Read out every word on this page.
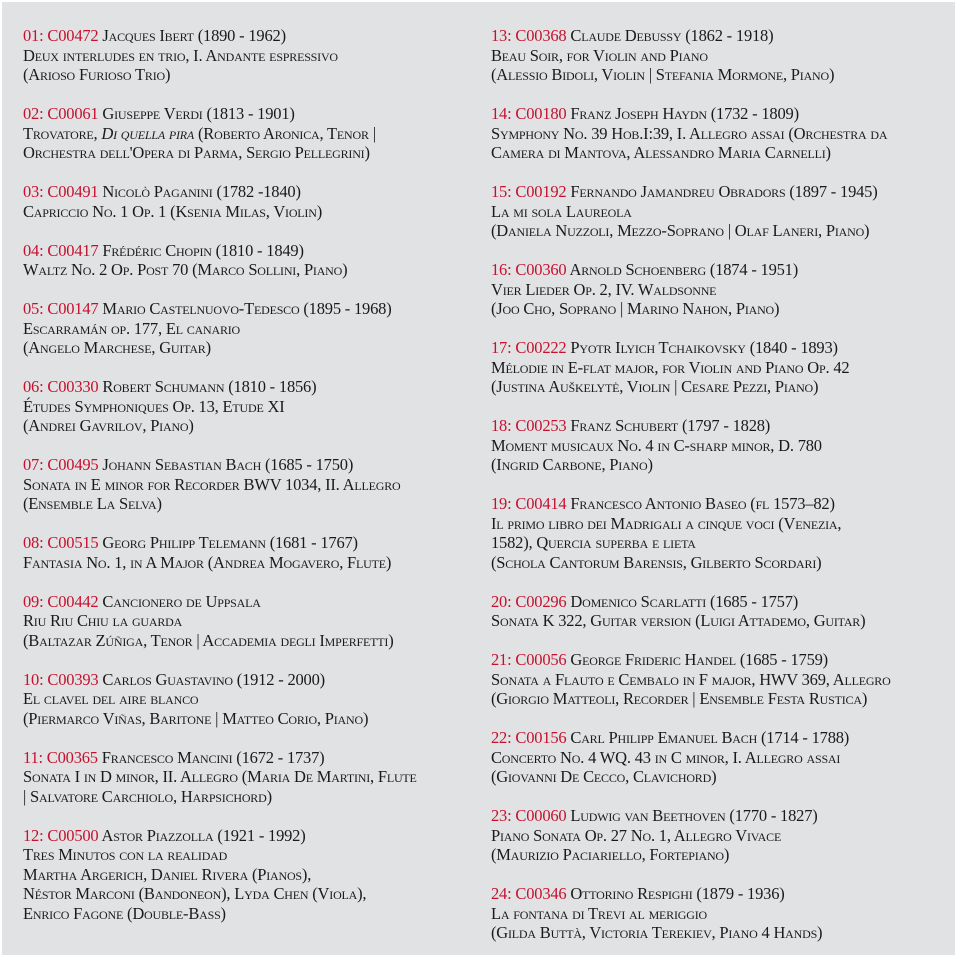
01: C00472 Jacques Ibert (1890 - 1962)
Deux interludes en trio, I. Andante espressivo
(Arioso Furioso Trio)
02: C00061 Giuseppe Verdi (1813 - 1901)
Trovatore, Di quella pira (Roberto Aronica, Tenor |
Orchestra dell'Opera di Parma, Sergio Pellegrini)
03: C00491 Nicolò Paganini (1782 -1840)
Capriccio No. 1 Op. 1 (Ksenia Milas, Violin)
04: C00417 Frédéric Chopin (1810 - 1849)
Waltz No. 2 Op. Post 70 (Marco Sollini, Piano)
05: C00147 Mario Castelnuovo-Tedesco (1895 - 1968)
Escarramán op. 177, El canario
(Angelo Marchese, Guitar)
06: C00330 Robert Schumann (1810 - 1856)
Études Symphoniques Op. 13, Etude XI
(Andrei Gavrilov, Piano)
07: C00495 Johann Sebastian Bach (1685 - 1750)
Sonata in E minor for Recorder BWV 1034, II. Allegro
(Ensemble La Selva)
08: C00515 Georg Philipp Telemann (1681 - 1767)
Fantasia No. 1, in A Major (Andrea Mogavero, Flute)
09: C00442 Cancionero de Uppsala
Riu Riu Chiu la guarda
(Baltazar Zúñiga, Tenor | Accademia degli Imperfetti)
10: C00393 Carlos Guastavino (1912 - 2000)
El clavel del aire blanco
(Piermarco Viñas, Baritone | Matteo Corio, Piano)
11: C00365 Francesco Mancini (1672 - 1737)
Sonata I in D minor, II. Allegro (Maria De Martini, Flute
| Salvatore Carchiolo, Harpsichord)
12: C00500 Astor Piazzolla (1921 - 1992)
Tres Minutos con la realidad
Martha Argerich, Daniel Rivera (Pianos),
Néstor Marconi (Bandoneon), Lyda Chen (Viola),
Enrico Fagone (Double-Bass)
13: C00368 Claude Debussy (1862 - 1918)
Beau Soir, for Violin and Piano
(Alessio Bidoli, Violin | Stefania Mormone, Piano)
14: C00180 Franz Joseph Haydn (1732 - 1809)
Symphony No. 39 Hob.I:39, I. Allegro assai (Orchestra da
Camera di Mantova, Alessandro Maria Carnelli)
15: C00192 Fernando Jamandreu Obradors (1897 - 1945)
La mi sola Laureola
(Daniela Nuzzoli, Mezzo-Soprano | Olaf Laneri, Piano)
16: C00360 Arnold Schoenberg (1874 - 1951)
Vier Lieder Op. 2, IV. Waldsonne
(Joo Cho, Soprano | Marino Nahon, Piano)
17: C00222 Pyotr Ilyich Tchaikovsky (1840 - 1893)
Mélodie in E-flat major, for Violin and Piano Op. 42
(Justina Auškelytė, Violin | Cesare Pezzi, Piano)
18: C00253 Franz Schubert (1797 - 1828)
Moment musicaux No. 4 in C-sharp minor, D. 780
(Ingrid Carbone, Piano)
19: C00414 Francesco Antonio Baseo (fl 1573–82)
Il primo libro dei Madrigali a cinque voci (Venezia,
1582), Quercia superba e lieta
(Schola Cantorum Barensis, Gilberto Scordari)
20: C00296 Domenico Scarlatti (1685 - 1757)
Sonata K 322, Guitar version (Luigi Attademo, Guitar)
21: C00056 George Frideric Handel (1685 - 1759)
Sonata a Flauto e Cembalo in F major, HWV 369, Allegro
(Giorgio Matteoli, Recorder | Ensemble Festa Rustica)
22: C00156 Carl Philipp Emanuel Bach (1714 - 1788)
Concerto No. 4 WQ. 43 in C minor, I. Allegro assai
(Giovanni De Cecco, Clavichord)
23: C00060 Ludwig van Beethoven (1770 - 1827)
Piano Sonata Op. 27 No. 1, Allegro Vivace
(Maurizio Paciariello, Fortepiano)
24: C00346 Ottorino Respighi (1879 - 1936)
La fontana di Trevi al meriggio
(Gilda Buttà, Victoria Terekiev, Piano 4 Hands)
